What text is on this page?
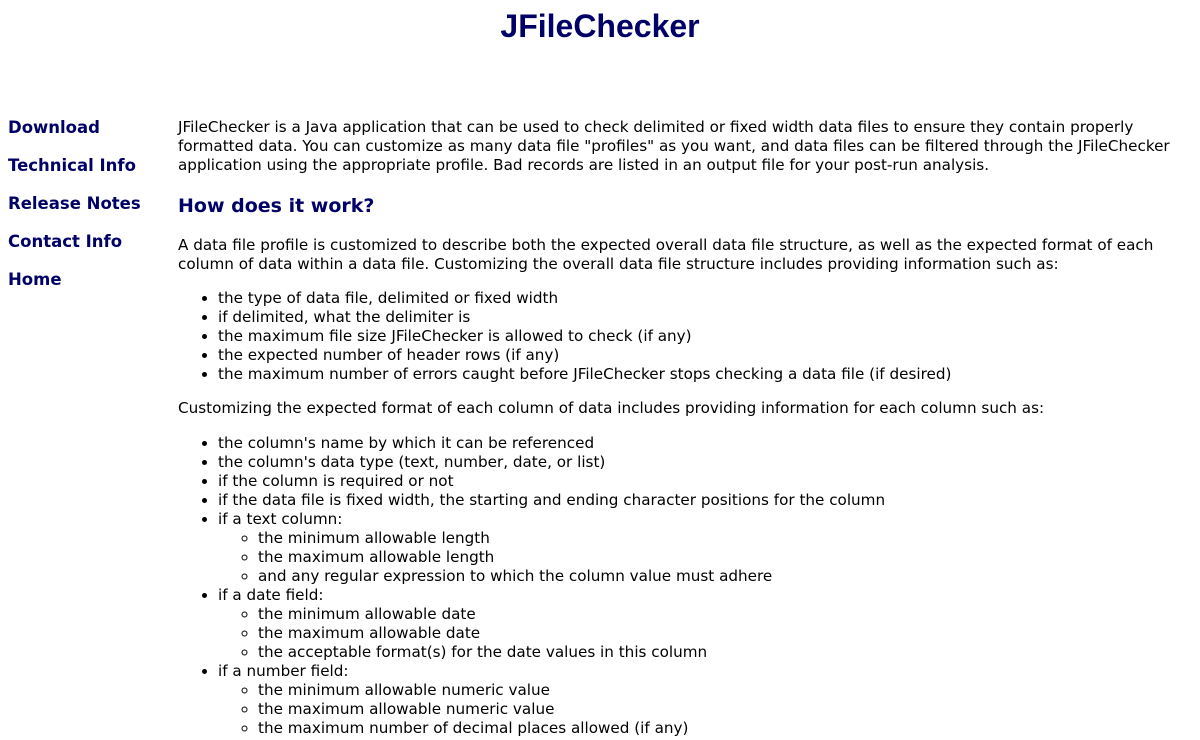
JFileChecker
Download
Technical Info
Release Notes
Contact Info
Home

JFileChecker is a Java application that can be used to check delimited or fixed width data files to ensure they contain properly formatted data. You can customize as many data file "profiles" as you want, and data files can be filtered through the JFileChecker application using the appropriate profile. Bad records are listed in an output file for your post-run analysis.

How does it work?

A data file profile is customized to describe both the expected overall data file structure, as well as the expected format of each column of data within a data file. Customizing the overall data file structure includes providing information such as:

• the type of data file, delimited or fixed width
• if delimited, what the delimiter is
• the maximum file size JFileChecker is allowed to check (if any)
• the expected number of header rows (if any)
• the maximum number of errors caught before JFileChecker stops checking a data file (if desired)

Customizing the expected format of each column of data includes providing information for each column such as:

• the column's name by which it can be referenced
• the column's data type (text, number, date, or list)
• if the column is required or not
• if the data file is fixed width, the starting and ending character positions for the column
• if a text column:
◦ the minimum allowable length
◦ the maximum allowable length
◦ and any regular expression to which the column value must adhere
• if a date field:
◦ the minimum allowable date
◦ the maximum allowable date
◦ the acceptable format(s) for the date values in this column
• if a number field:
◦ the minimum allowable numeric value
◦ the maximum allowable numeric value
◦ the maximum number of decimal places allowed (if any)
